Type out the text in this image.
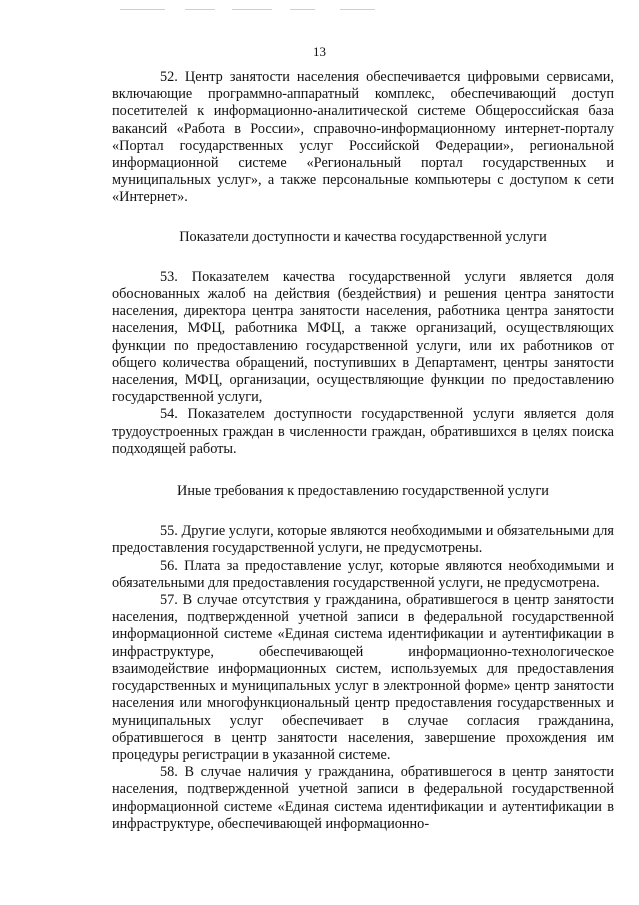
13

52. Центр занятости населения обеспечивается цифровыми сервисами, включающие программно-аппаратный комплекс, обеспечивающий доступ посетителей к информационно-аналитической системе Общероссийская база вакансий «Работа в России», справочно-информационному интернет-порталу «Портал государственных услуг Российской Федерации», региональной информационной системе «Региональный портал государственных и муниципальных услуг», а также персональные компьютеры с доступом к сети «Интернет».

Показатели доступности и качества государственной услуги

53. Показателем качества государственной услуги является доля обоснованных жалоб на действия (бездействия) и решения центра занятости населения, директора центра занятости населения, работника центра занятости населения, МФЦ, работника МФЦ, а также организаций, осуществляющих функции по предоставлению государственной услуги, или их работников от общего количества обращений, поступивших в Департамент, центры занятости населения, МФЦ, организации, осуществляющие функции по предоставлению государственной услуги,

54. Показателем доступности государственной услуги является доля трудоустроенных граждан в численности граждан, обратившихся в целях поиска подходящей работы.

Иные требования к предоставлению государственной услуги

55. Другие услуги, которые являются необходимыми и обязательными для предоставления государственной услуги, не предусмотрены.

56. Плата за предоставление услуг, которые являются необходимыми и обязательными для предоставления государственной услуги, не предусмотрена.

57. В случае отсутствия у гражданина, обратившегося в центр занятости населения, подтвержденной учетной записи в федеральной государственной информационной системе «Единая система идентификации и аутентификации в инфраструктуре, обеспечивающей информационно-технологическое взаимодействие информационных систем, используемых для предоставления государственных и муниципальных услуг в электронной форме» центр занятости населения или многофункциональный центр предоставления государственных и муниципальных услуг обеспечивает в случае согласия гражданина, обратившегося в центр занятости населения, завершение прохождения им процедуры регистрации в указанной системе.

58. В случае наличия у гражданина, обратившегося в центр занятости населения, подтвержденной учетной записи в федеральной государственной информационной системе «Единая система идентификации и аутентификации в инфраструктуре, обеспечивающей информационно-
